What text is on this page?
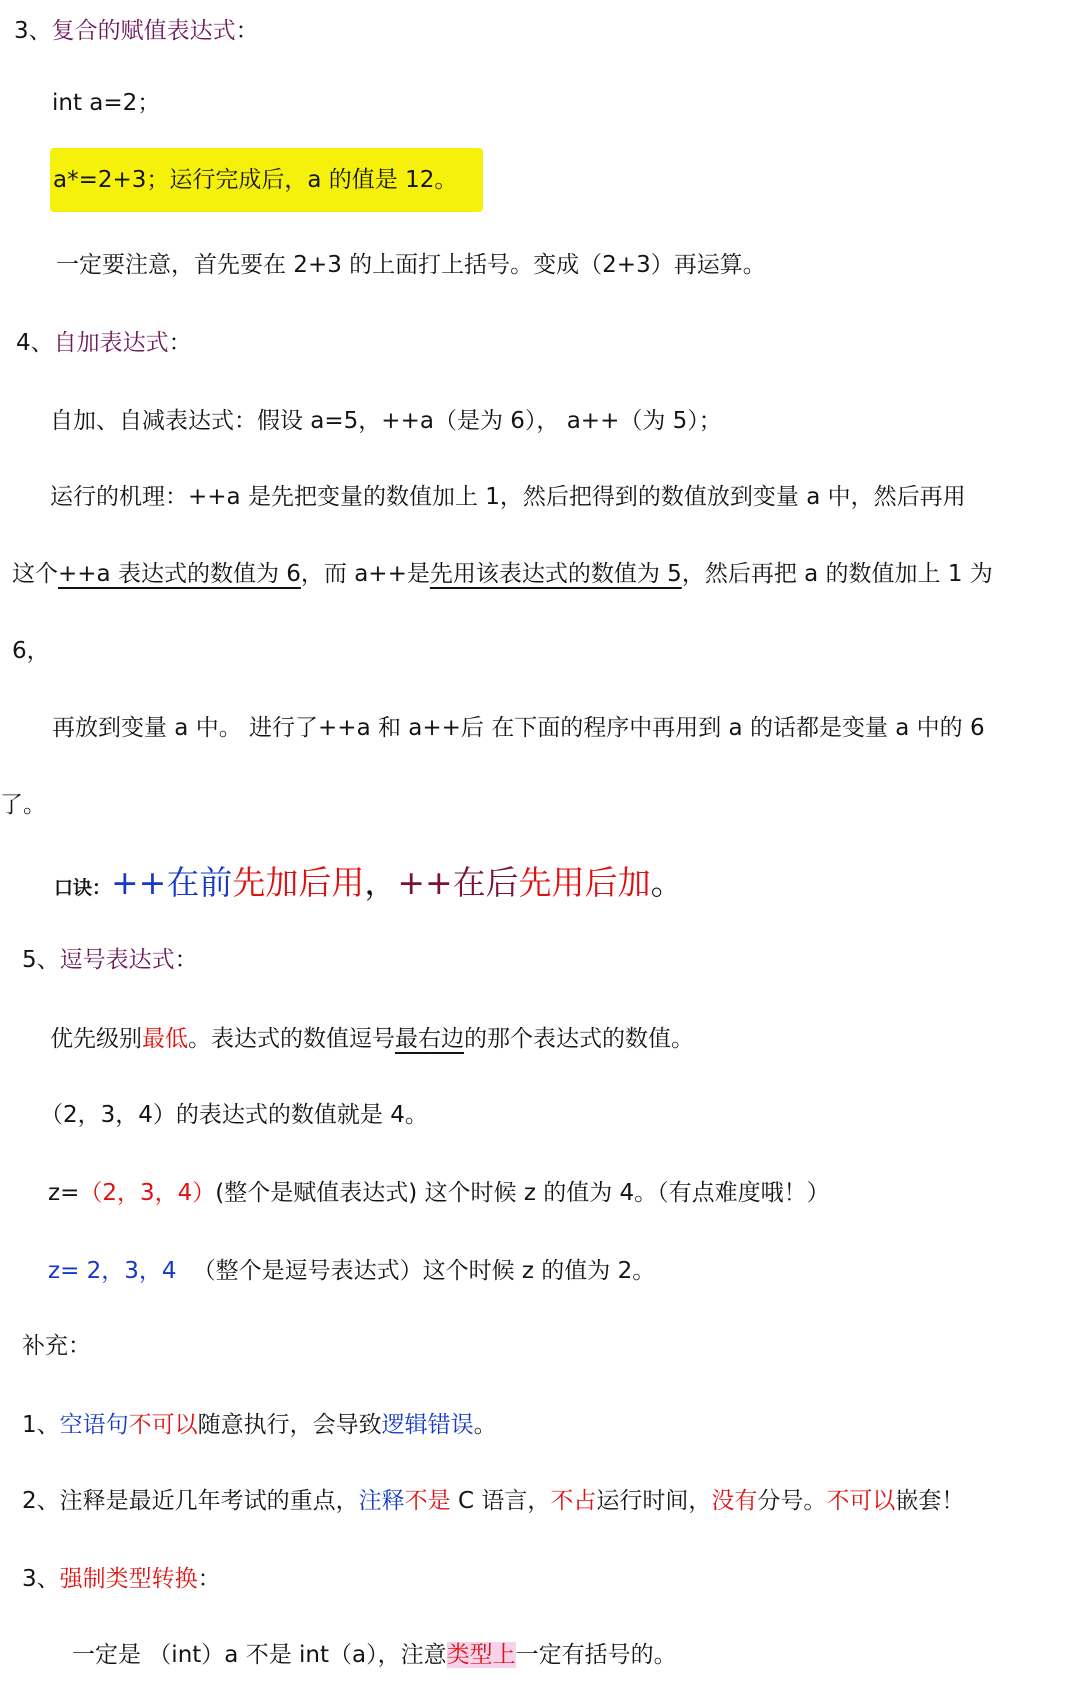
3、复合的赋值表达式：
int a=2；
a*=2+3；运行完成后，a 的值是 12。
一定要注意，首先要在 2+3 的上面打上括号。变成（2+3）再运算。
4、自加表达式：
自加、自减表达式：假设 a=5，++a（是为 6）， a++（为 5）；
运行的机理：++a 是先把变量的数值加上 1，然后把得到的数值放到变量 a 中，然后再用
这个++a 表达式的数值为 6，而 a++是先用该表达式的数值为 5，然后再把 a 的数值加上 1 为
6，
再放到变量 a 中。 进行了++a 和 a++后 在下面的程序中再用到 a 的话都是变量 a 中的 6
了。
口诀：++在前先加后用，++在后先用后加。
5、逗号表达式：
优先级别最低。表达式的数值逗号最右边的那个表达式的数值。
（2，3，4）的表达式的数值就是 4。
z=（2，3，4）(整个是赋值表达式) 这个时候 z 的值为 4。（有点难度哦！）
z= 2，3，4 （整个是逗号表达式）这个时候 z 的值为 2。
补充：
1、空语句不可以随意执行，会导致逻辑错误。
2、注释是最近几年考试的重点，注释不是 C 语言，不占运行时间，没有分号。不可以嵌套！
3、强制类型转换：
一定是 （int）a 不是 int（a），注意类型上一定有括号的。
